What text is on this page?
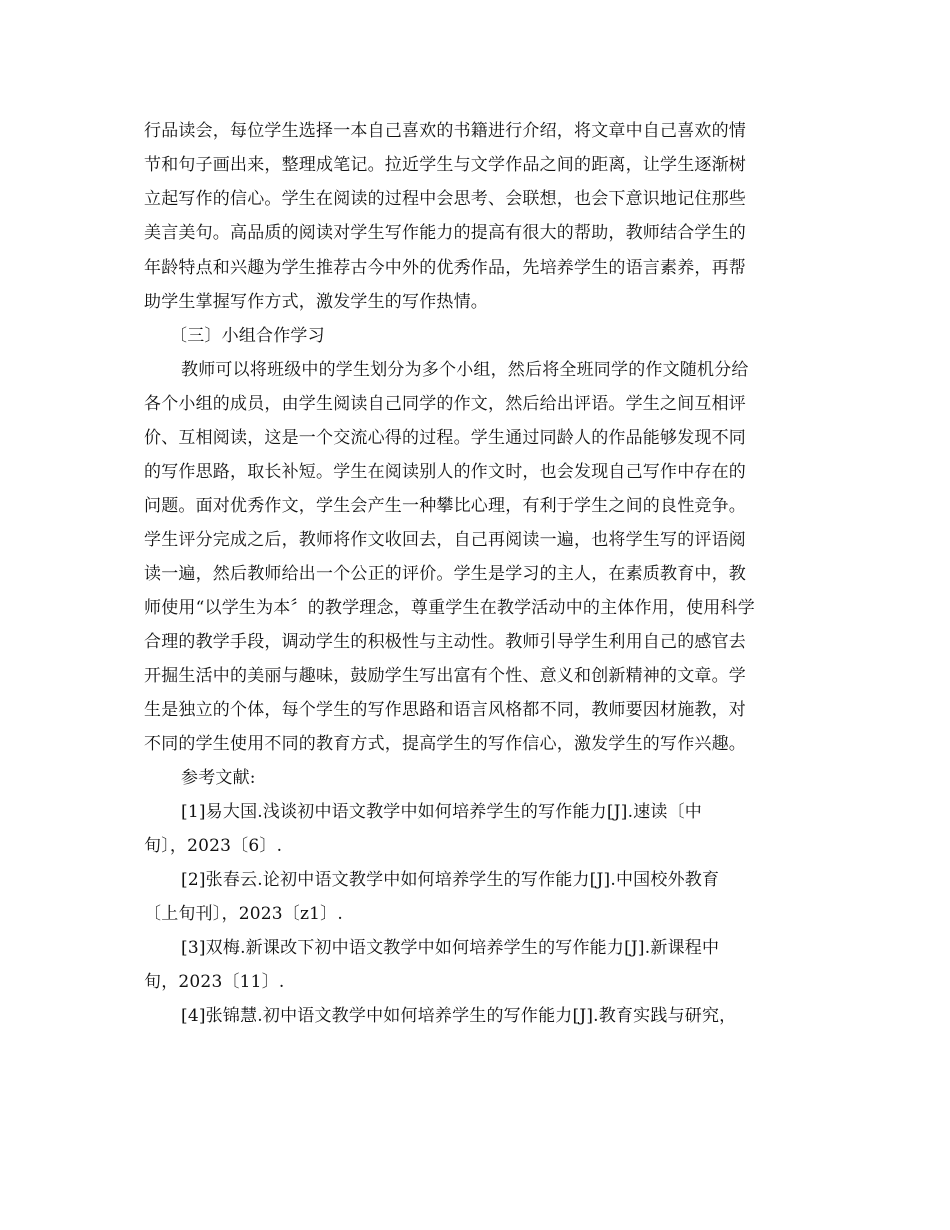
行品读会，每位学生选择一本自己喜欢的书籍进行介绍，将文章中自己喜欢的情
节和句子画出来，整理成笔记。拉近学生与文学作品之间的距离，让学生逐渐树
立起写作的信心。学生在阅读的过程中会思考、会联想，也会下意识地记住那些
美言美句。高品质的阅读对学生写作能力的提高有很大的帮助，教师结合学生的
年龄特点和兴趣为学生推荐古今中外的优秀作品，先培养学生的语言素养，再帮
助学生掌握写作方式，激发学生的写作热情。
〔三〕小组合作学习
教师可以将班级中的学生划分为多个小组，然后将全班同学的作文随机分给
各个小组的成员，由学生阅读自己同学的作文，然后给出评语。学生之间互相评
价、互相阅读，这是一个交流心得的过程。学生通过同龄人的作品能够发现不同
的写作思路，取长补短。学生在阅读别人的作文时，也会发现自己写作中存在的
问题。面对优秀作文，学生会产生一种攀比心理，有利于学生之间的良性竞争。
学生评分完成之后，教师将作文收回去，自己再阅读一遍，也将学生写的评语阅
读一遍，然后教师给出一个公正的评价。学生是学习的主人，在素质教育中，教
师使用“以学生为本〞的教学理念，尊重学生在教学活动中的主体作用，使用科学
合理的教学手段，调动学生的积极性与主动性。教师引导学生利用自己的感官去
开掘生活中的美丽与趣味，鼓励学生写出富有个性、意义和创新精神的文章。学
生是独立的个体，每个学生的写作思路和语言风格都不同，教师要因材施教，对
不同的学生使用不同的教育方式，提高学生的写作信心，激发学生的写作兴趣。
参考文献:
[1]易大国.浅谈初中语文教学中如何培养学生的写作能力[J].速读〔中
旬〕，2023〔6〕.
[2]张春云.论初中语文教学中如何培养学生的写作能力[J].中国校外教育
〔上旬刊〕，2023〔z1〕.
[3]双梅.新课改下初中语文教学中如何培养学生的写作能力[J].新课程中
旬，2023〔11〕.
[4]张锦慧.初中语文教学中如何培养学生的写作能力[J].教育实践与研究，
